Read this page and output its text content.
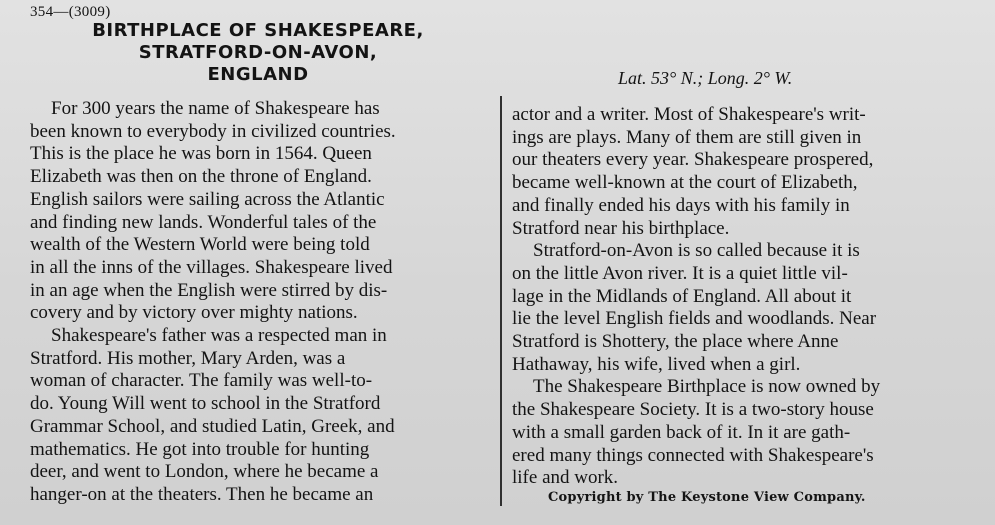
354—(3009)
BIRTHPLACE OF SHAKESPEARE,
STRATFORD-ON-AVON,
ENGLAND	Lat. 53° N.; Long. 2° W.
For 300 years the name of Shakespeare has
been known to everybody in civilized countries.
This is the place he was born in 1564. Queen
Elizabeth was then on the throne of England.
English sailors were sailing across the Atlantic
and finding new lands. Wonderful tales of the
wealth of the Western World were being told
in all the inns of the villages. Shakespeare lived
in an age when the English were stirred by dis-
covery and by victory over mighty nations.
Shakespeare's father was a respected man in
Stratford. His mother, Mary Arden, was a
woman of character. The family was well-to-
do. Young Will went to school in the Stratford
Grammar School, and studied Latin, Greek, and
mathematics. He got into trouble for hunting
deer, and went to London, where he became a
hanger-on at the theaters. Then he became an
actor and a writer. Most of Shakespeare's writ-
ings are plays. Many of them are still given in
our theaters every year. Shakespeare prospered,
became well-known at the court of Elizabeth,
and finally ended his days with his family in
Stratford near his birthplace.
Stratford-on-Avon is so called because it is
on the little Avon river. It is a quiet little vil-
lage in the Midlands of England. All about it
lie the level English fields and woodlands. Near
Stratford is Shottery, the place where Anne
Hathaway, his wife, lived when a girl.
The Shakespeare Birthplace is now owned by
the Shakespeare Society. It is a two-story house
with a small garden back of it. In it are gath-
ered many things connected with Shakespeare's
life and work.
Copyright by The Keystone View Company.
